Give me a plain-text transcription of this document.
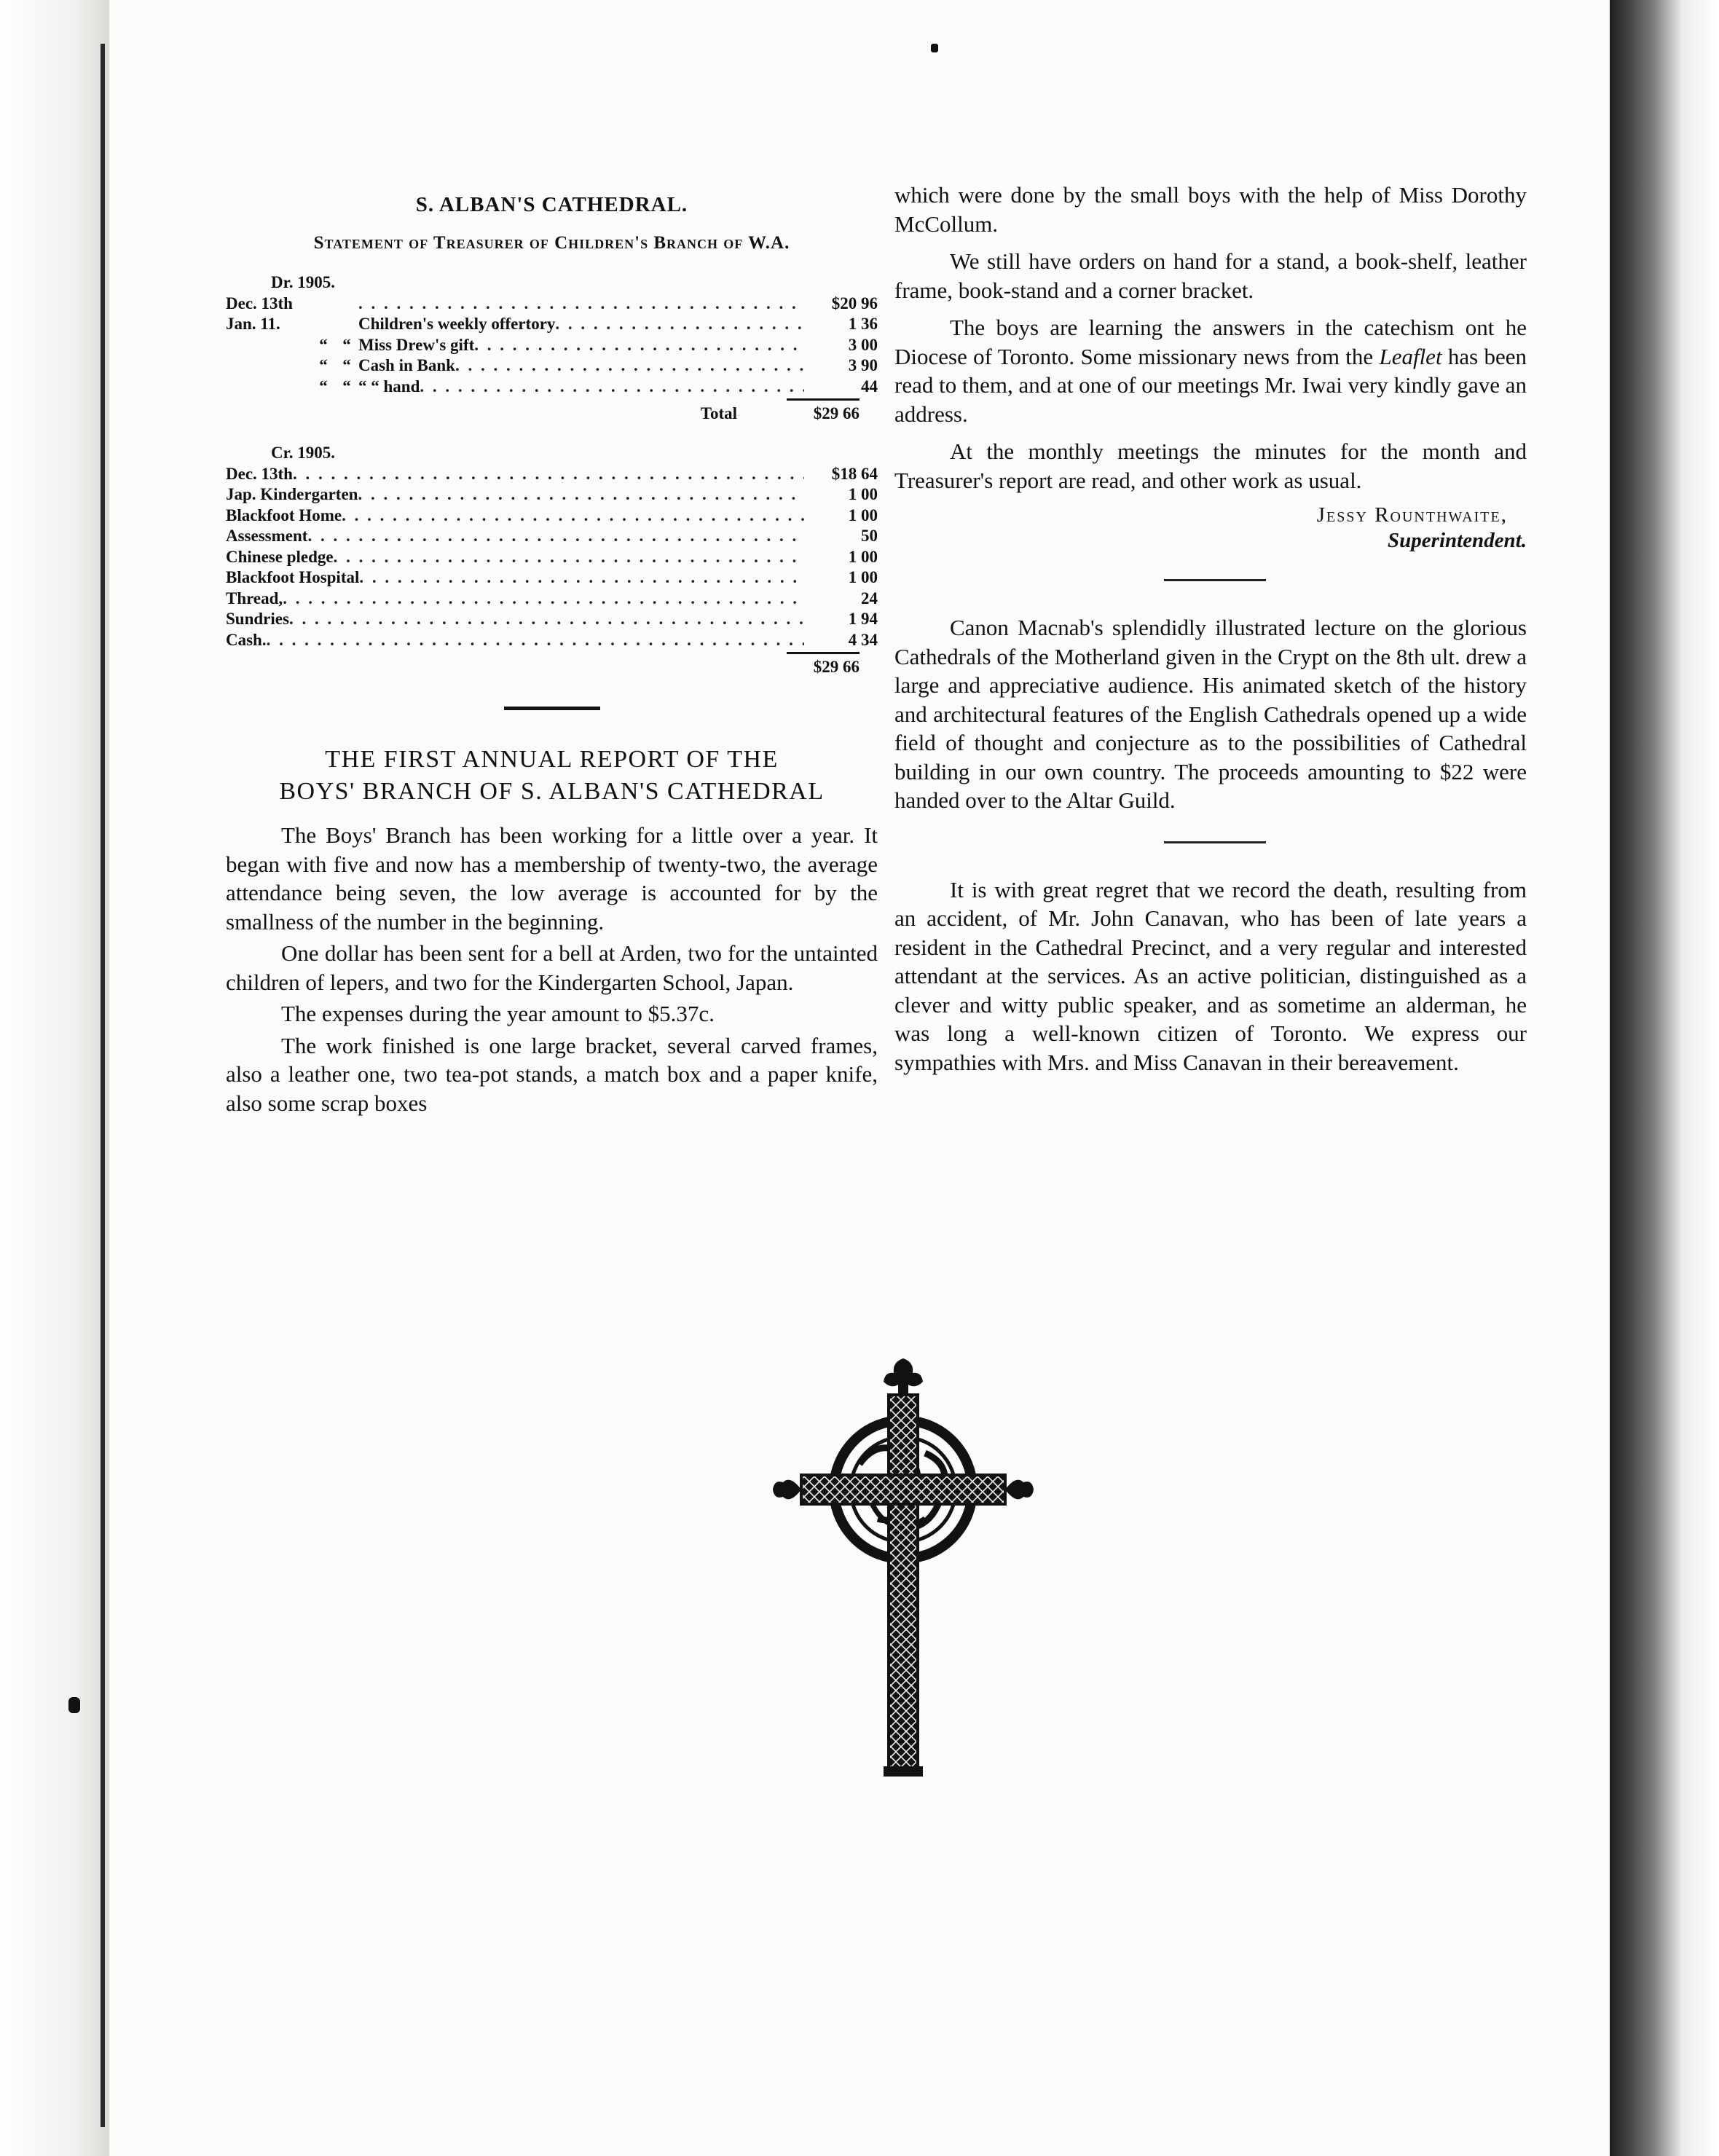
S. ALBAN'S CATHEDRAL.
Statement of Treasurer of Children's Branch of W.A.
Dr. 1905.
Dec. 13th . . .	$20 96
Jan. 11.	Children's weekly offertory . . .	1 36
“ “ Miss Drew's gift . . .	3 00
“ “ Cash in Bank . . .	3 90
“ “ “ “ hand . . .	44
Total	$29 66
Cr. 1905.
Dec. 13th . . .	$18 64
Jap. Kindergarten . . .	1 00
Blackfoot Home . . .	1 00
Assessment . . .	50
Chinese pledge . . .	1 00
Blackfoot Hospital . . .	1 00
Thread, . . .	24
Sundries . . .	1 94
Cash. . . .	4 34
$29 66
THE FIRST ANNUAL REPORT OF THE
BOYS' BRANCH OF S. ALBAN'S CATHEDRAL

The Boys' Branch has been working for a little over a year. It began with five and now has a membership of twenty-two, the average attendance being seven, the low average is accounted for by the smallness of the number in the beginning.

One dollar has been sent for a bell at Arden, two for the untainted children of lepers, and two for the Kindergarten School, Japan.

The expenses during the year amount to $5.37c.

The work finished is one large bracket, several carved frames, also a leather one, two tea-pot stands, a match box and a paper knife, also some scrap boxes

which were done by the small boys with the help of Miss Dorothy McCollum.

We still have orders on hand for a stand, a book-shelf, leather frame, book-stand and a corner bracket.

The boys are learning the answers in the catechism ont he Diocese of Toronto. Some missionary news from the Leaflet has been read to them, and at one of our meetings Mr. Iwai very kindly gave an address.

At the monthly meetings the minutes for the month and Treasurer's report are read, and other work as usual.

Jessy Rounthwaite,
Superintendent.

Canon Macnab's splendidly illustrated lecture on the glorious Cathedrals of the Motherland given in the Crypt on the 8th ult. drew a large and appreciative audience. His animated sketch of the history and architectural features of the English Cathedrals opened up a wide field of thought and conjecture as to the possibilities of Cathedral building in our own country. The proceeds amounting to $22 were handed over to the Altar Guild.

It is with great regret that we record the death, resulting from an accident, of Mr. John Canavan, who has been of late years a resident in the Cathedral Precinct, and a very regular and interested attendant at the services. As an active politician, distinguished as a clever and witty public speaker, and as sometime an alderman, he was long a well-known citizen of Toronto. We express our sympathies with Mrs. and Miss Canavan in their bereavement.
